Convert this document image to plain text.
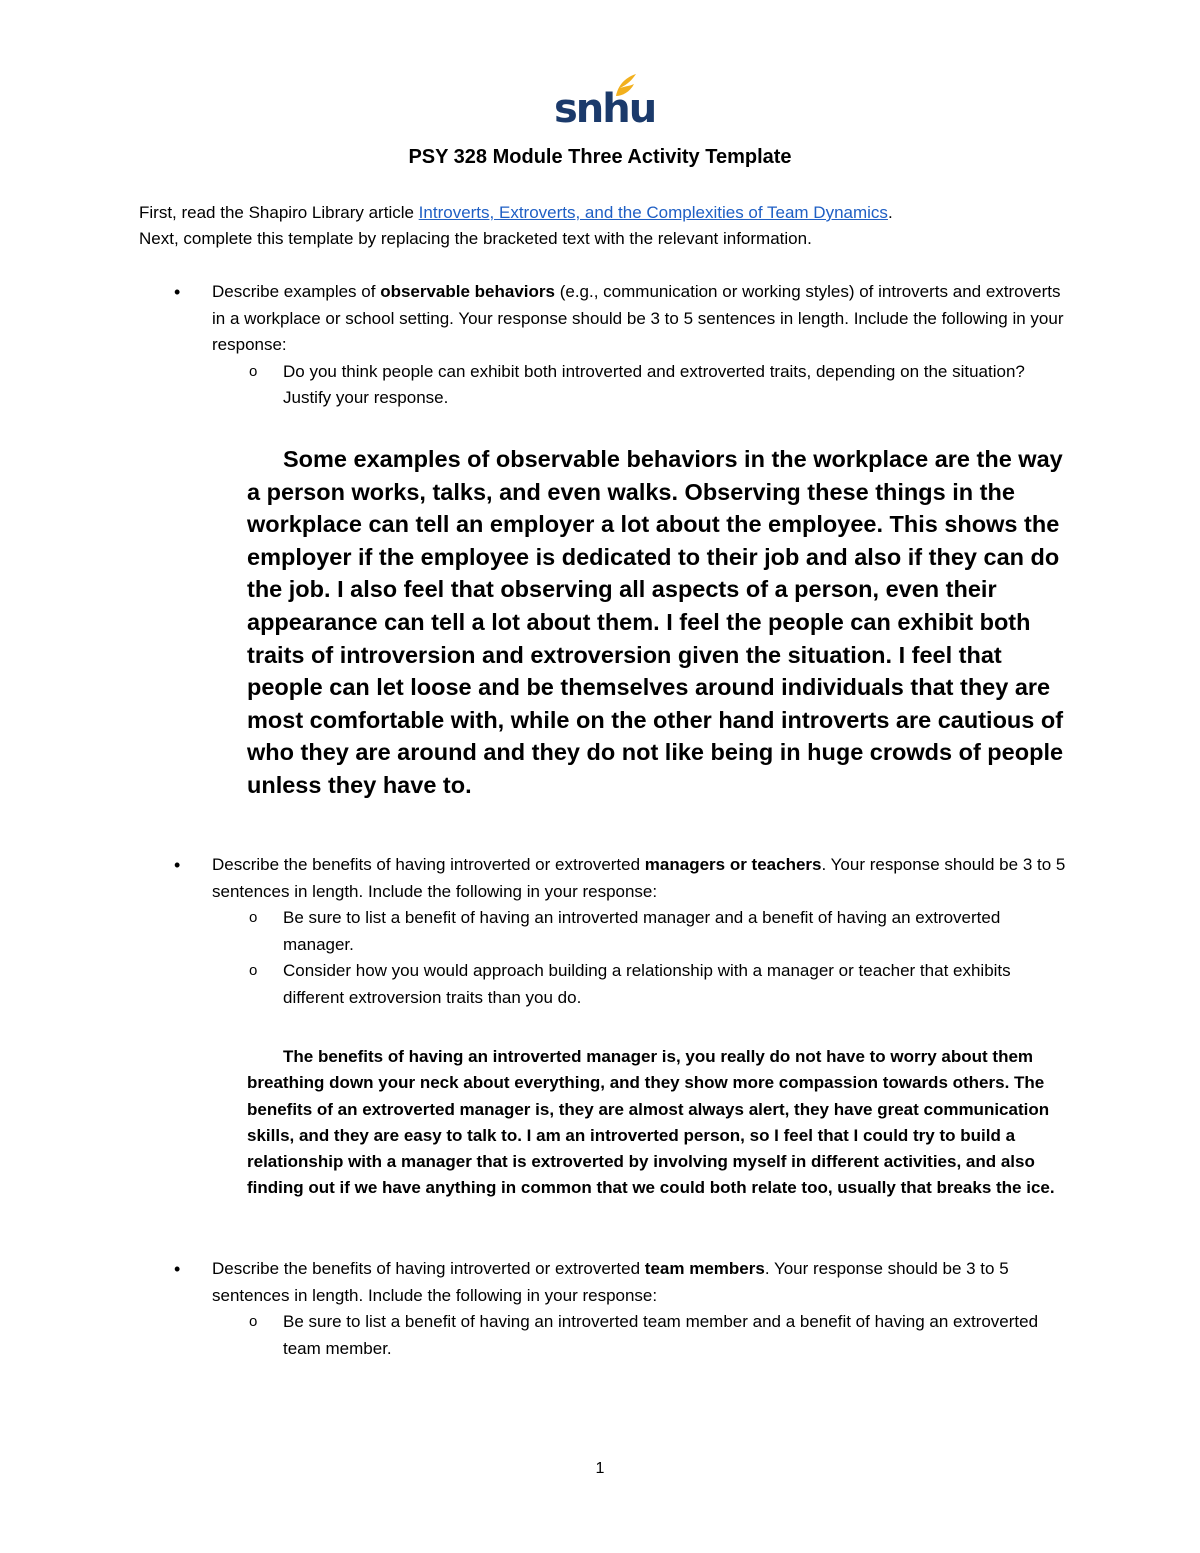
snhu
PSY 328 Module Three Activity Template

First, read the Shapiro Library article Introverts, Extroverts, and the Complexities of Team Dynamics.

Next, complete this template by replacing the bracketed text with the relevant information.

• Describe examples of observable behaviors (e.g., communication or working styles) of introverts and extroverts in a workplace or school setting. Your response should be 3 to 5 sentences in length. Include the following in your response:

o Do you think people can exhibit both introverted and extroverted traits, depending on the situation? Justify your response.

Some examples of observable behaviors in the workplace are the way a person works, talks, and even walks. Observing these things in the workplace can tell an employer a lot about the employee. This shows the employer if the employee is dedicated to their job and also if they can do the job. I also feel that observing all aspects of a person, even their appearance can tell a lot about them. I feel the people can exhibit both traits of introversion and extroversion given the situation. I feel that people can let loose and be themselves around individuals that they are most comfortable with, while on the other hand introverts are cautious of who they are around and they do not like being in huge crowds of people unless they have to.

• Describe the benefits of having introverted or extroverted managers or teachers. Your response should be 3 to 5 sentences in length. Include the following in your response:

o Be sure to list a benefit of having an introverted manager and a benefit of having an extroverted manager.

o Consider how you would approach building a relationship with a manager or teacher that exhibits different extroversion traits than you do.

The benefits of having an introverted manager is, you really do not have to worry about them breathing down your neck about everything, and they show more compassion towards others. The benefits of an extroverted manager is, they are almost always alert, they have great communication skills, and they are easy to talk to. I am an introverted person, so I feel that I could try to build a relationship with a manager that is extroverted by involving myself in different activities, and also finding out if we have anything in common that we could both relate too, usually that breaks the ice.

• Describe the benefits of having introverted or extroverted team members. Your response should be 3 to 5 sentences in length. Include the following in your response:

o Be sure to list a benefit of having an introverted team member and a benefit of having an extroverted team member.

1
